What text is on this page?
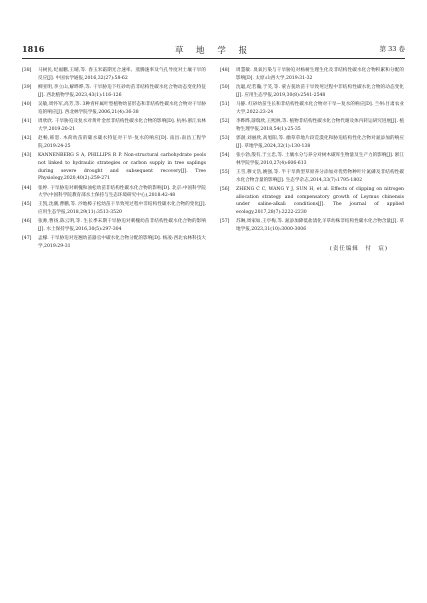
1816	草 地 学 报	第 33 卷
[38] 马树民,纪福鹏,王晴,等. 春玉米霜期光合速率、蒸腾速率及气孔导度对土壤干旱的反应[J]. 中国农学通报,2016,32(27):58-62
[39] 柳亚明,李立山,解晔晔,等. 干旱胁迫下红砂幼苗非结构性碳水化合物动态变化特征[J]. 西北植物学报,2023,43(1):116-126
[40] 吴敏,周怀军,高芳,等. 3种青杆属叶型植物幼苗形态和非结构性碳水化合物对干旱胁迫的响应[J]. 西北林学院学报,2006,21(4):36-38
[41] 周欣欣. 干旱胁迫及复水对黄叶金丝非结构性碳水化合物的影响[D]. 杭州:浙江农林大学,2019:20-21
[42] 赵畅,韩恕. 木荷幼苗的碳水碳水特征对干旱-复水的响应[D]. 南昌:南昌工程学院,2019:24-25
[43] KANNENBERG S A, PHILLIPS R P. Non-structural carbohydrate pools not linked to hydraulic strategies or carbon supply in tree saplings during severe drought and subsequent recovery[J]. Tree Physiology,2020,40(2):259-271
[44] 张婷. 干旱胁迫对刺槐和油松幼苗非结构性碳水化合物的影响[D]. 北京:中国科学院大学(中国科学院教育部水土保持与生态环境研究中心),2018:42-48
[45] 王凯,沈潮,曹鹏,等. 沙地樟子松幼苗干旱致死过程中非结构性碳水化合物的变化[J]. 应用生态学报,2018,29(11):3513-3520
[46] 张帅,曹扬,陈云明,等. 生长季末期干旱胁迫对刺槐幼苗非结构性碳水化合物的影响[J]. 水土保持学报,2016,30(5):297-304
[47] 孟檬. 干旱胁迫对连翘幼苗器官中碳水化合物分配的影响[D]. 杨凌:西北农林科技大学,2019:29-31
[48] 周慧敏. 臭氧污染与干旱胁迫对杨树生理生化及非结构性碳水化合物积累和分配的影响[D]. 太原:山西大学,2019:31-32
[50] 沈聪,纪若瀚,于笑,等. 蒙古莸幼苗干旱致死过程中非结构性碳水化合物的动态变化[J]. 应用生态学报,2019,30(8):2541-2548
[51] 马静. 红砂幼苗生长和非结构性碳水化合物对干旱—复水的响应[D]. 兰州:甘肃农业大学,2022:23-24
[52] 李晔晔,薛瑞欣,王熙林,等. 植物非结构性碳水化合物代谢及体内转运研究进展[J]. 植物生理学报,2018,54(1):25-35
[53] 郭澍,刘丽欣,高旭阳,等. 幽草草地片段荒漠化和胁迫结构性化合物对氮添加的响应[J]. 草地学报,2024,32(1):130-138
[54] 张小勃,殷有,于立忠,等. 土壤水分与养分对树木碳库生物量及生产力的影响[J]. 浙江林学院学报,2010,27(4):606-613
[55] 王雪,穆文浩,姚强,等. 半干旱典型草原养分添加对优势物种叶片氮磷及非结构性碳水化合物含量的影响[J]. 生态学杂志,2014,33(7):1795-1802
[56] ZHENG C C, WANG Y J, SUN H, et al. Effects of clipping on nitrogen allocation strategy and compensatory growth of Leymus chinensis under saline-alkali conditions[J]. The journal of applied ecology,2017,28(7):2222-2230
[57] 苏琳,周家如,王亭梅,等. 氮添加降低盐渍化羊草幼株非结构性碳水化合物含量[J]. 草地学报,2023,31(10):3000-3006
(责任编辑　付　宸)
